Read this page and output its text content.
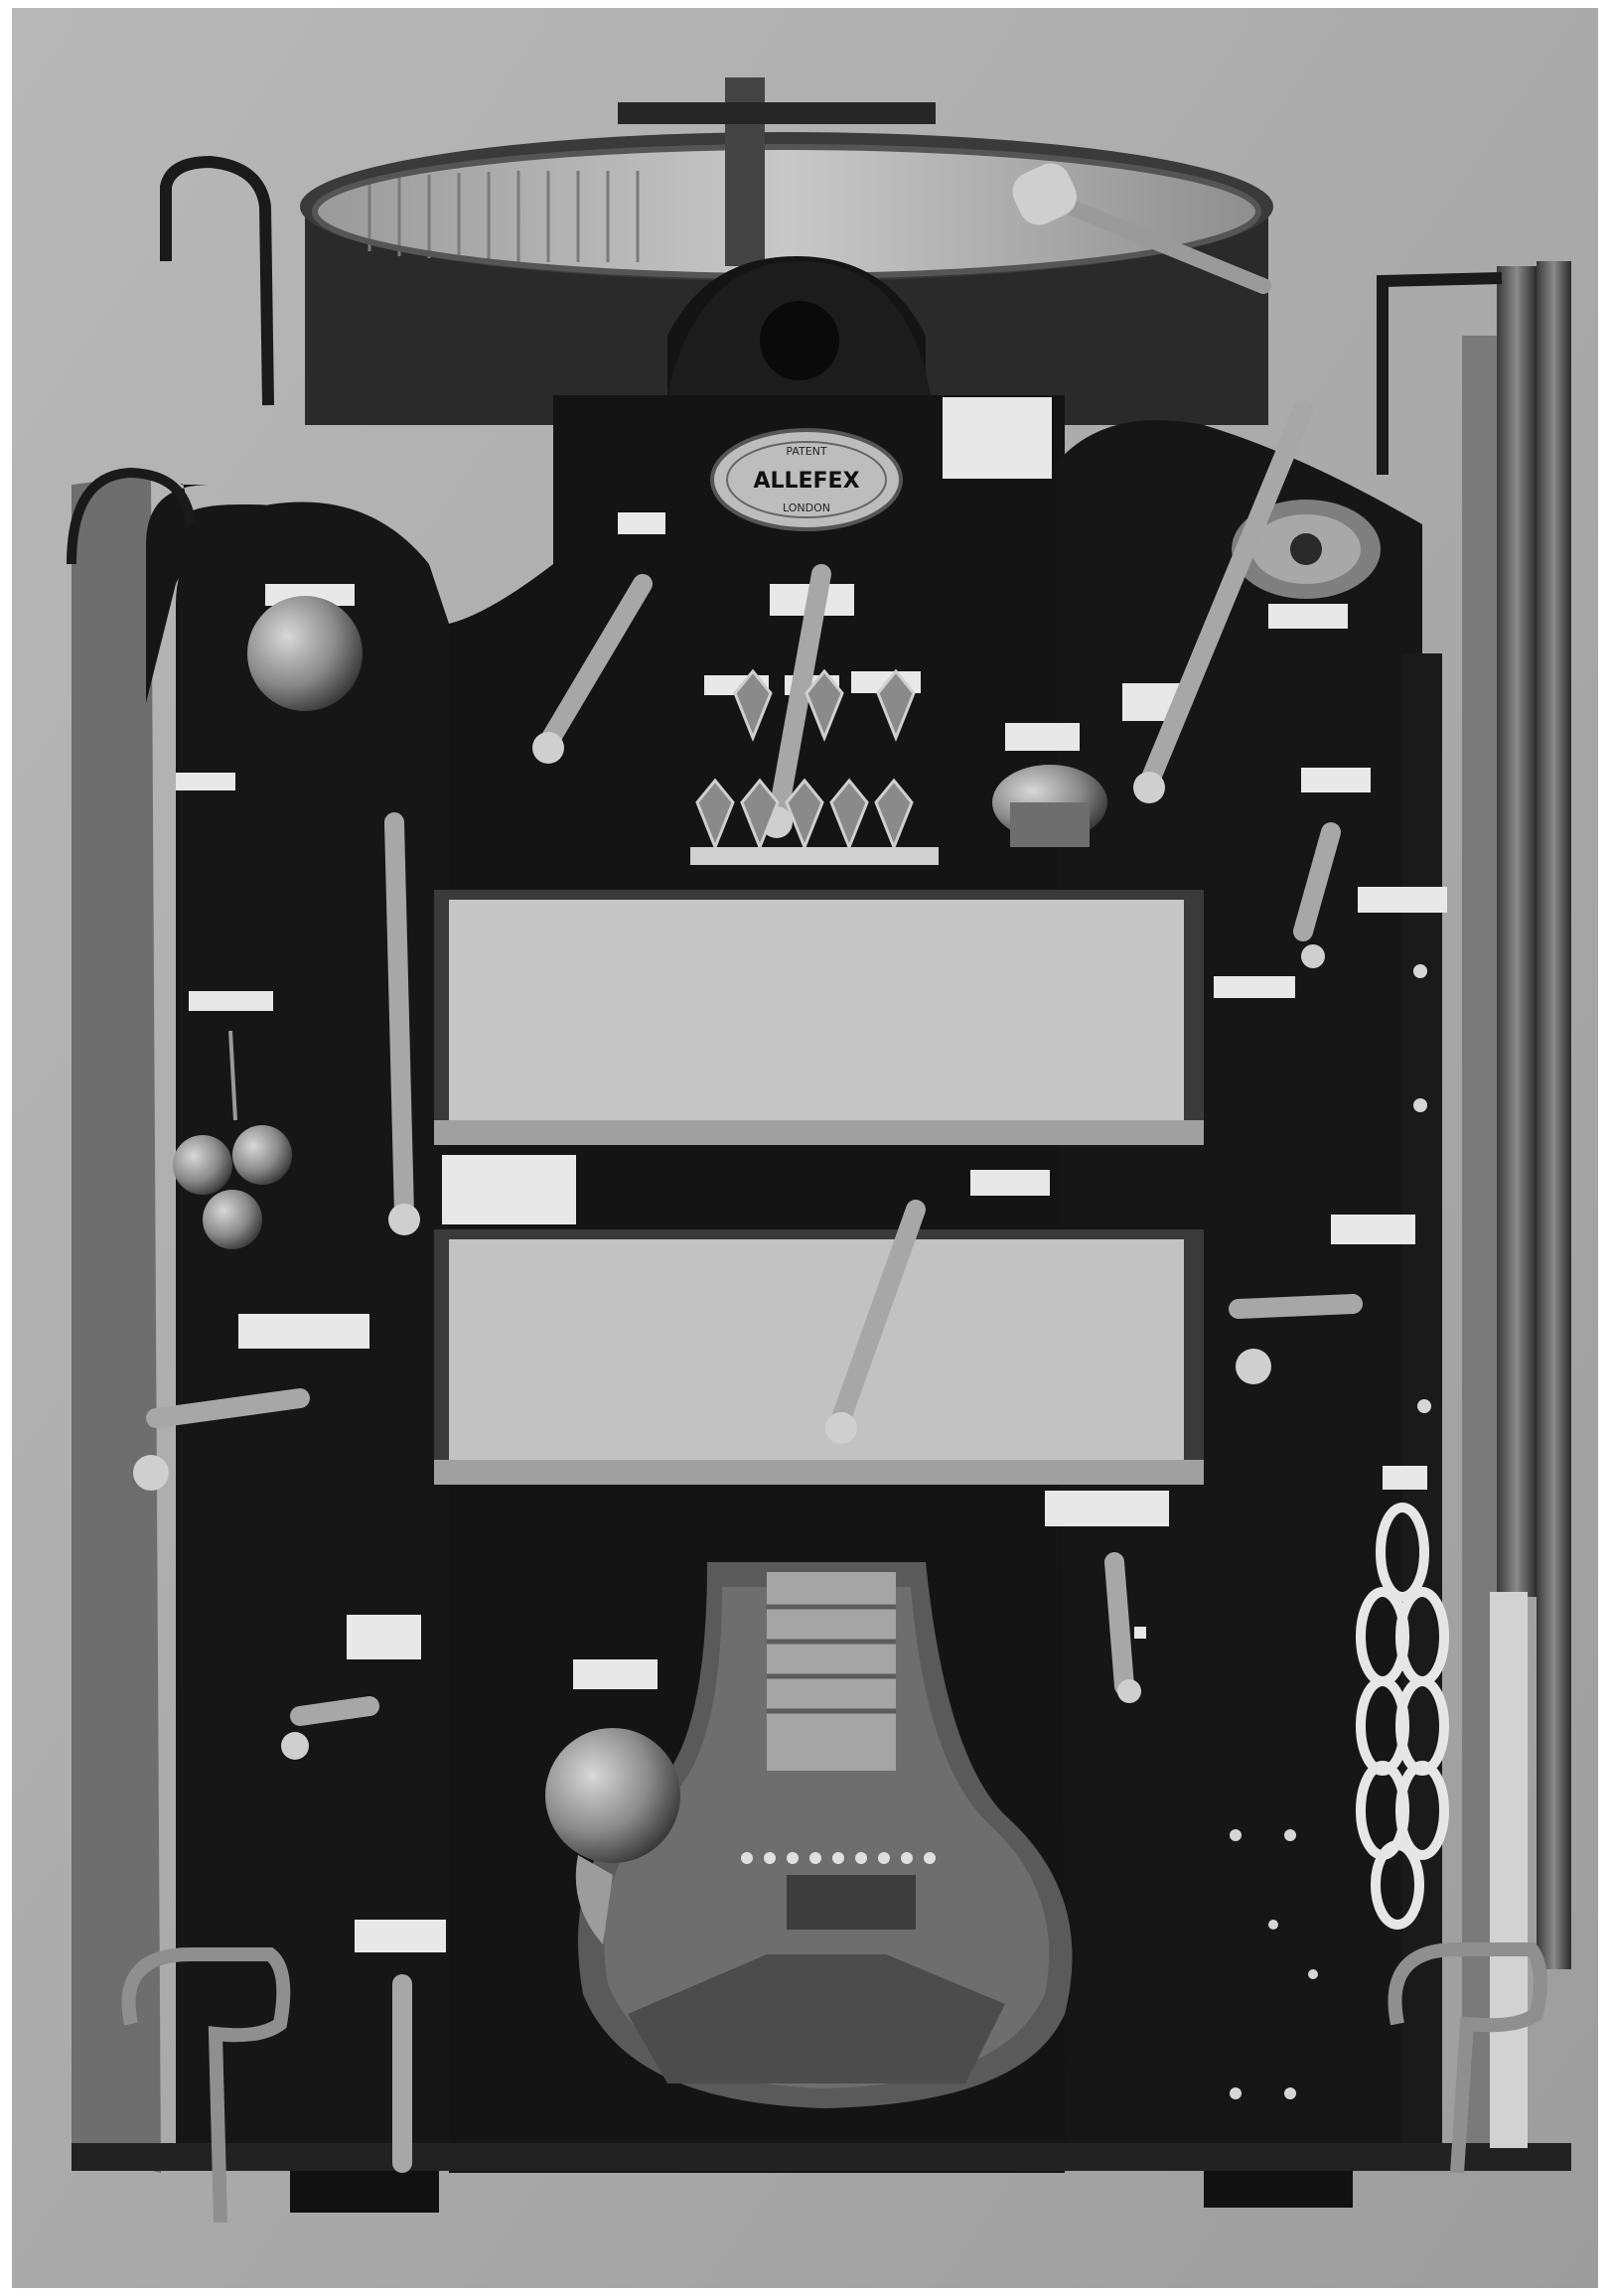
PATENT
ALLEFEX
LONDON
